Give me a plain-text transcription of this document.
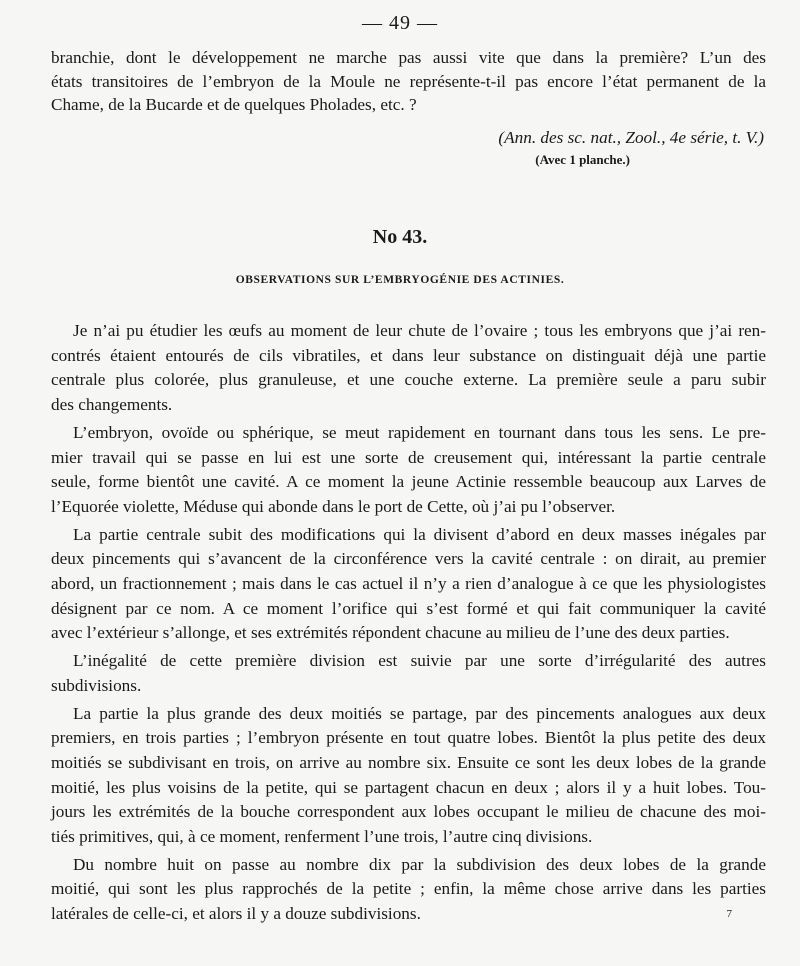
— 49 —
branchie, dont le développement ne marche pas aussi vite que dans la première? L’un des
états transitoires de l’embryon de la Moule ne représente-t-il pas encore l’état permanent de la
Chame, de la Bucarde et de quelques Pholades, etc. ?
(Ann. des sc. nat., Zool., 4e série, t. V.)
(Avec 1 planche.)
No 43.
OBSERVATIONS SUR L’EMBRYOGÉNIE DES ACTINIES.
Je n’ai pu étudier les œufs au moment de leur chute de l’ovaire ; tous les embryons que j’ai ren-
contrés étaient entourés de cils vibratiles, et dans leur substance on distinguait déjà une partie
centrale plus colorée, plus granuleuse, et une couche externe. La première seule a paru subir
des changements.
L’embryon, ovoïde ou sphérique, se meut rapidement en tournant dans tous les sens. Le pre-
mier travail qui se passe en lui est une sorte de creusement qui, intéressant la partie centrale
seule, forme bientôt une cavité. A ce moment la jeune Actinie ressemble beaucoup aux Larves de
l’Equorée violette, Méduse qui abonde dans le port de Cette, où j’ai pu l’observer.
La partie centrale subit des modifications qui la divisent d’abord en deux masses inégales par
deux pincements qui s’avancent de la circonférence vers la cavité centrale : on dirait, au premier
abord, un fractionnement ; mais dans le cas actuel il n’y a rien d’analogue à ce que les physiologistes
désignent par ce nom. A ce moment l’orifice qui s’est formé et qui fait communiquer la cavité
avec l’extérieur s’allonge, et ses extrémités répondent chacune au milieu de l’une des deux parties.
L’inégalité de cette première division est suivie par une sorte d’irrégularité des autres
subdivisions.
La partie la plus grande des deux moitiés se partage, par des pincements analogues aux deux
premiers, en trois parties ; l’embryon présente en tout quatre lobes. Bientôt la plus petite des deux
moitiés se subdivisant en trois, on arrive au nombre six. Ensuite ce sont les deux lobes de la grande
moitié, les plus voisins de la petite, qui se partagent chacun en deux ; alors il y a huit lobes. Tou-
jours les extrémités de la bouche correspondent aux lobes occupant le milieu de chacune des moi-
tiés primitives, qui, à ce moment, renferment l’une trois, l’autre cinq divisions.
Du nombre huit on passe au nombre dix par la subdivision des deux lobes de la grande
moitié, qui sont les plus rapprochés de la petite ; enfin, la même chose arrive dans les parties
latérales de celle-ci, et alors il y a douze subdivisions.	7
